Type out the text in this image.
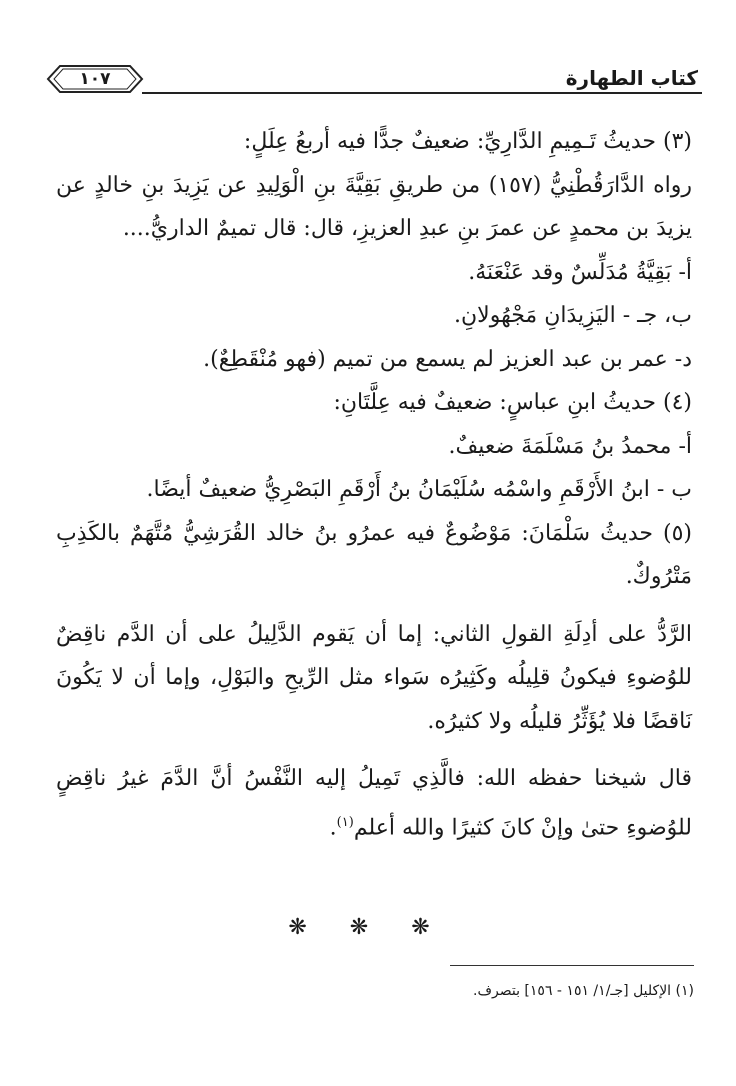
١٠٧	كتاب الطهارة

(٣) حديثُ تَـمِيمِ الدَّارِيِّ: ضعيفٌ جدًّا فيه أربعُ عِلَلٍ:

رواه الدَّارَقُطْنِيُّ (١٥٧) من طريقِ بَقِيَّةَ بنِ الْوَلِيدِ عن يَزِيدَ بنِ خالدٍ عن يزيدَ بن محمدٍ عن عمرَ بنِ عبدِ العزيزِ، قال: قال تميمٌ الداريُّ....

أ- بَقِيَّةُ مُدَلِّسٌ وقد عَنْعَنَهُ.

ب، جـ - اليَزِيدَانِ مَجْهُولانِ.

د- عمر بن عبد العزيز لم يسمع من تميم (فهو مُنْقَطِعٌ).

(٤) حديثُ ابنِ عباسٍ: ضعيفٌ فيه عِلَّتَانِ:

أ- محمدُ بنُ مَسْلَمَةَ ضعيفٌ.

ب - ابنُ الأَرْقَمِ واسْمُه سُلَيْمَانُ بنُ أَرْقَمِ البَصْرِيُّ ضعيفٌ أيضًا.

(٥) حديثُ سَلْمَانَ: مَوْضُوعٌ فيه عمرُو بنُ خالد القُرَشِيُّ مُتَّهَمٌ بالكَذِبِ مَتْرُوكٌ.

الرَّدُّ على أدِلَةِ القولِ الثاني: إما أن يَقوم الدَّلِيلُ على أن الدَّم ناقِضٌ للوُضوءِ فيكونُ قلِيلُه وكَثِيرُه سَواء مثل الرِّيحِ والبَوْلِ، وإما أن لا يَكُونَ نَاقضًا فلا يُؤَثِّرُ قليلُه ولا كثيرُه.

قال شيخنا حفظه الله: فالَّذِي تَمِيلُ إليه النَّفْسُ أنَّ الدَّمَ غيرُ ناقِضٍ للوُضوءِ حتىٰ وإنْ كانَ كثيرًا والله أعلم$^{(١)}$.

❋ ❋ ❋
(١) الإكليل [جـ/١/ ١٥١ - ١٥٦] بتصرف.
